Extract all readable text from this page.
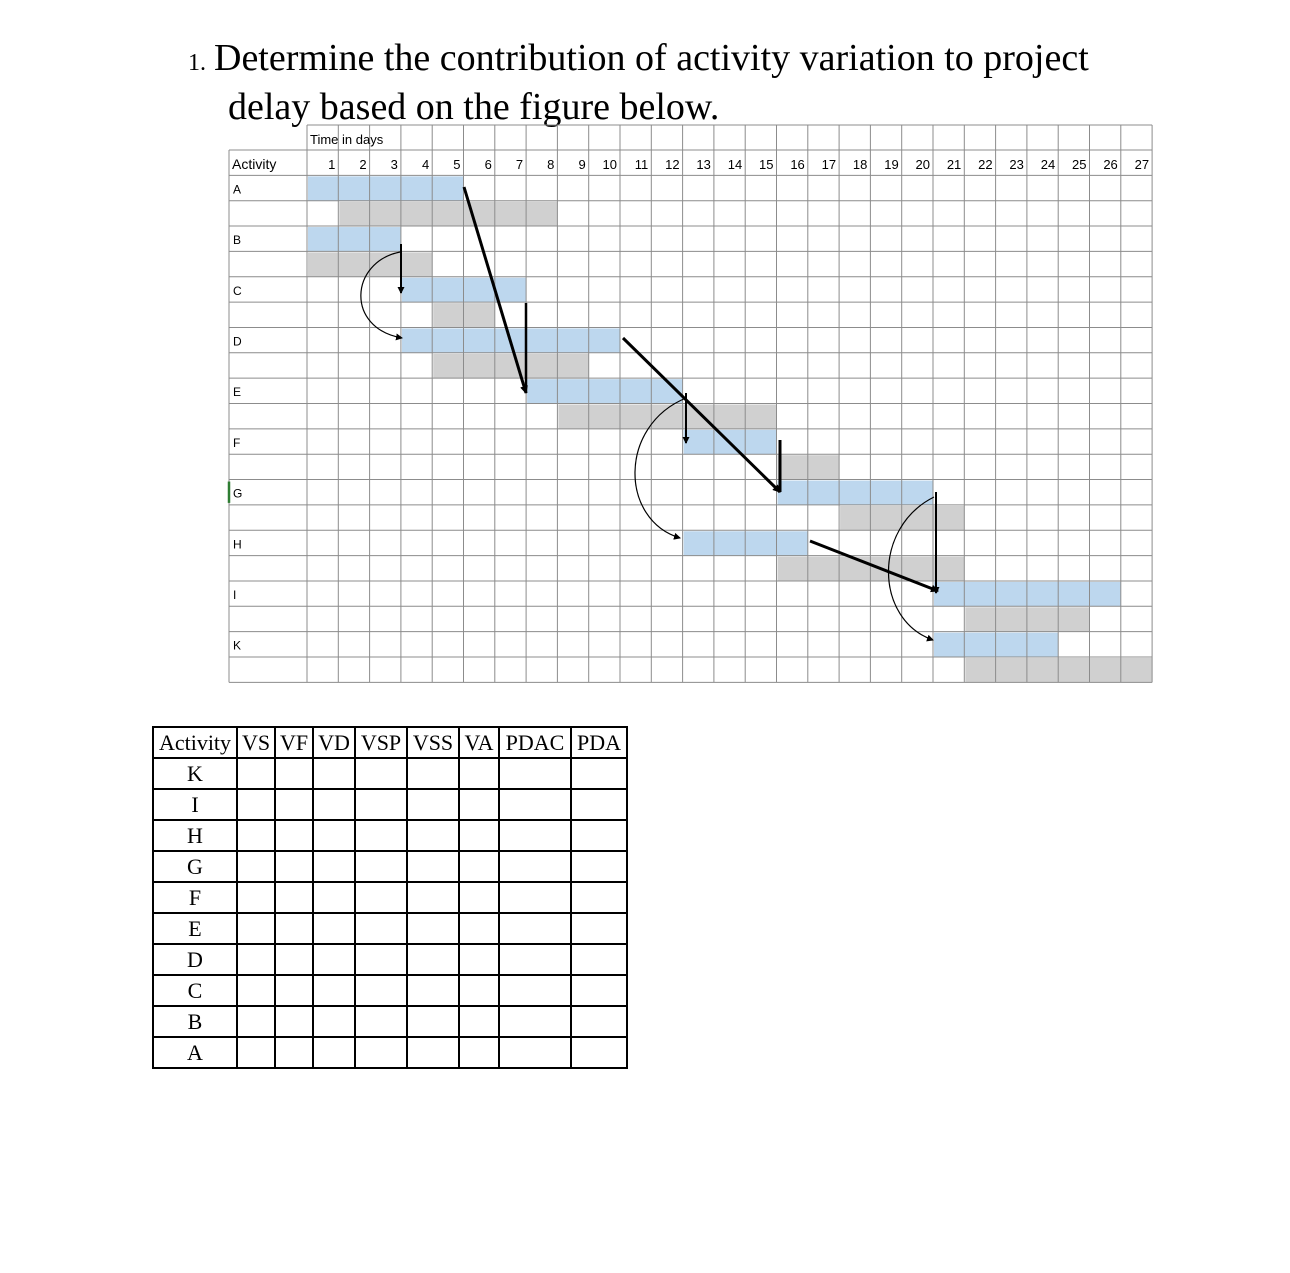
1. Determine the contribution of activity variation to project
delay based on the figure below.
Time in days
Activity	1 2 3 4 5 6 7 8 9 10 11 12 13 14 15 16 17 18 19 20 21 22 23 24 25 26 27
A
B
C
D
E
F
G
H
I
K
Activity	VS	VF	VD	VSP	VSS	VA	PDAC	PDA
K								
I								
H								
G								
F								
E								
D								
C								
B								
A								
